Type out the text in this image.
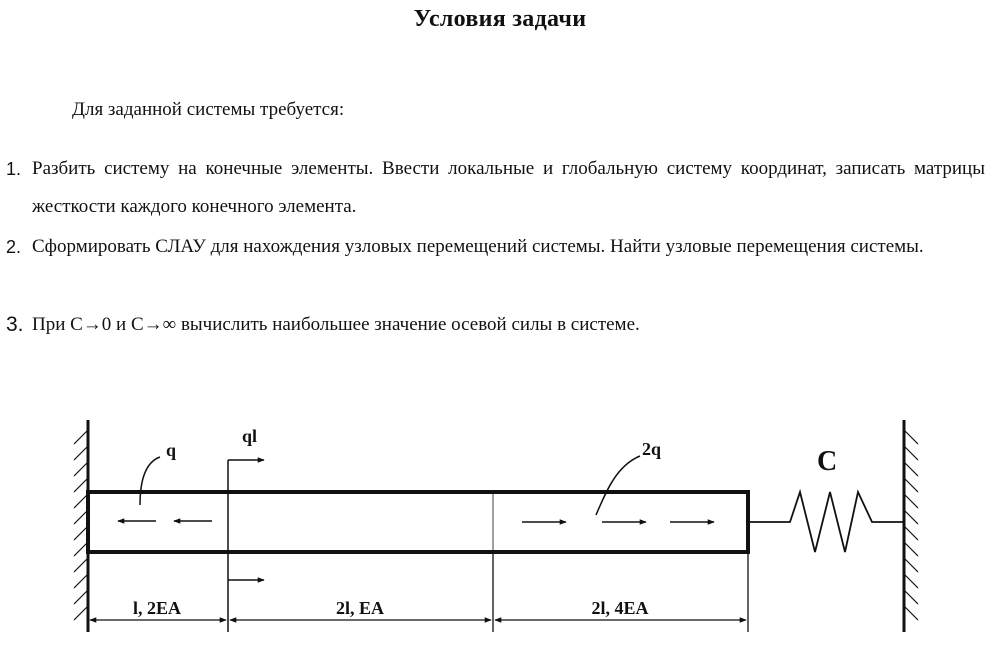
Условия задачи
Для заданной системы требуется:
1. Разбить систему на конечные элементы. Ввести локальные и глобальную систему координат, записать матрицы жесткости каждого конечного элемента.
2. Сформировать СЛАУ для нахождения узловых перемещений системы. Найти узловые перемещения системы.
3. При C→0 и C→∞ вычислить наибольшее значение осевой силы в системе.
C
q
ql
2q
l, 2EA	2l, EA	2l, 4EA
